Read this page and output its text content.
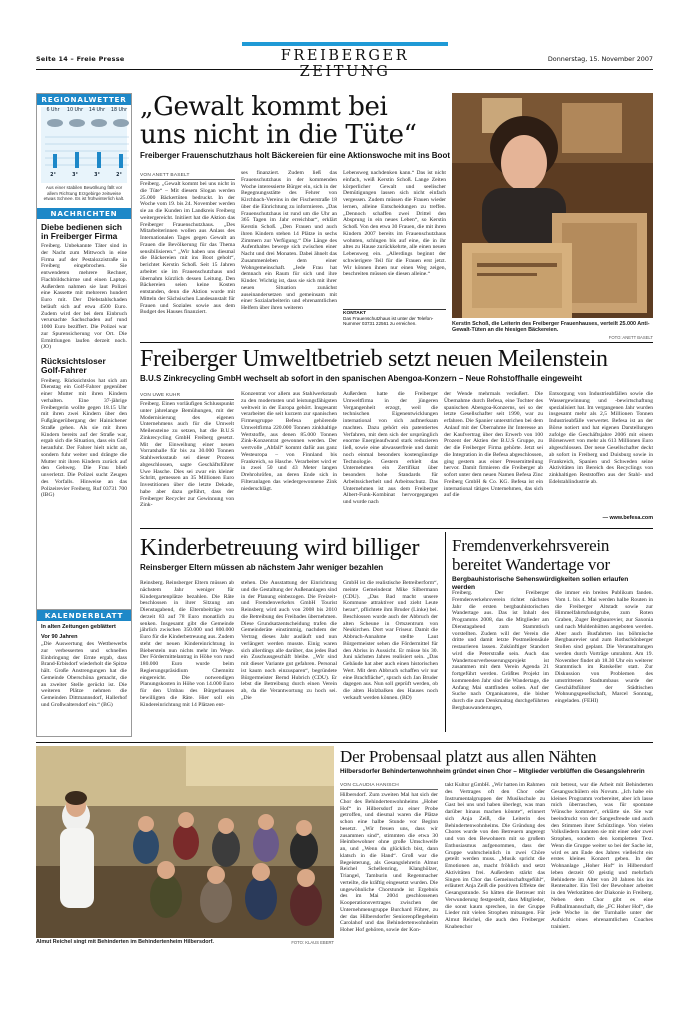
Seite 14 – Freie Presse	FREIBERGER ZEITUNG
Donnerstag, 15. November 2007
REGIONALWETTER
6 Uhr	10 Uhr	14 Uhr	18 Uhr
2°	3°	3°	2°
Aus einer stabilen Bewölkung fällt vor allem Richtung Erzgebirge zeitweise etwas Schnee. Es ist frühwinterlich kalt.
NACHRICHTEN
Diebe bedienen sich in Freiberger Firma
Freiberg. Unbekannte Täter sind in der Nacht zum Mittwoch in eine Firma auf der Pestalozzistraße in Freiberg eingebrochen. Sie entwendeten mehrere Rechner, Flachbildschirme und einen Laptop. Außerdem nahmen sie laut Polizei eine Kassette mit mehreren hundert Euro mit. Der Diebstahlschaden beläuft sich auf etwa 4500 Euro. Zudem wird der bei dem Einbruch verursachte Sachschaden auf rund 1000 Euro beziffert. Die Polizei war zur Spurensicherung vor Ort. Die Ermittlungen laufen derzeit noch. (JO)
Rücksichtsloser Golf-Fahrer
Freiberg. Rücksichtslos hat sich am Dienstag ein Golf-Fahrer gegenüber einer Mutter mit ihren Kindern verhalten. Eine 37-jährige Freibergerin wollte gegen 18.15 Uhr mit ihren zwei Kindern über den Fußgängerübergang der Hainichener Straße gehen. Als sie mit ihren Kindern bereits auf der Straße war, ergab sich die Situation, dass ein Golf heranfuhr. Der Fahrer hielt nicht an, sondern fuhr weiter und drängte die Mutter mit ihren Kindern zurück auf den Gehweg. Die Frau blieb unverletzt. Die Polizei sucht Zeugen des Vorfalls. Hinweise an das Polizeirevier Freiberg, Ruf 03731 700 (IBG)
KALENDERBLATT
In alten Zeitungen geblättert
Vor 90 Jahren
„Die Auswertung des Wettbewerbs zur verbesserten und schnellen Einbringung der Ernte ergab, dass Brand-Erbisdorf wiederholt die Spitze hält. Große Anstrengungen hat die Gemeinde Oberschöna gemacht, die an zweiter Stelle gerückt ist. Die weiteren Plätze nehmen die Gemeinden Dittmannsdorf, Hallerhof und Großwaltersdorf ein.“ (BG)
„Gewalt kommt bei
uns nicht in die Tüte“
Freiberger Frauenschutzhaus holt Bäckereien für eine Aktionswoche mit ins Boot
VON ANETT BASELT
Freiberg. „Gewalt kommt bei uns nicht in die Tüte“ – Mit diesem Slogan werden 25.000 Bäckertüten bedruckt. In der Woche vom 19. bis 24. November werden sie an die Kunden im Landkreis Freiberg weitergereicht. Initiiert hat die Aktion das Freiberger Frauenschutzhaus. „Des Mitarbeiterinnen wollen aus Anlass des Internationalen Tages gegen Gewalt an Frauen die Bevölkerung für das Thema sensibilisieren.“ „Wir haben uns diesmal die Bäckereien mit ins Boot geholt“, berichtet Kerstin Schoß. Seit 15 Jahren arbeitet sie im Frauenschutzhaus und übernahm kürzlich dessen Leitung. Den Bäckereien seien keine Kosten entstanden, denn die Aktion wurde mit Mitteln der Sächsischen Landesanstalt für Frauen und Soziales sowie aus dem Budget des Hauses finanziert.
ses finanziert. Zudem ließ das Frauenschutzhaus in der kommenden Woche interessierte Bürger ein, sich in der Begegnungsstätte des Fehrer von Kirchbach-Vereins in der Fischerstraße 18 über die Einrichtung zu informieren. „Das Frauenschutzhaus ist rund um die Uhr an 365 Tagen im Jahr erreichbar“, erklärt Kerstin Schoß. „Den Frauen und auch ihren Kindern stehen 14 Plätze in sechs Zimmern zur Verfügung.“ Die Länge des Aufenthaltes bewege sich zwischen einer Nacht und drei Monaten. Dabei ähnelt das Zusammenleben dem einer Wohngemeinschaft. „Jede Frau hat demnach ein Raum für sich und ihre Kinder. Wichtig ist, dass sie sich mit ihrer neuen Situation zunächst auseinandersetzen und gemeinsam mit einer Sozialarbeiterin und ehrenamtlichen Helfern über ihren weiteren
Lebensweg nachdenken kann.“ Das ist nicht einfach, weiß Kerstin Schoß. Lange Zeiten körperlicher Gewalt und seelischer Demütigungen lassen sich nicht einfach vergessen. Zudem müssen die Frauen wieder lernen, alleine Entscheidungen zu treffen. „Dennoch schaffen zwei Drittel den Absprung in ein neues Leben“, so Kerstin Schoß. Von den etwa 30 Frauen, die mit ihren Kindern 2007 bereits im Frauenschutzhaus wohnten, schlugen bis auf eine, die in ihr altes zu Hause zurückkehrte, alle einen neuen Lebensweg ein. „Allerdings beginnt der schwierigere Teil für die Frauen erst jetzt. Wir können ihnen nur einen Weg zeigen, beschreiten müssen sie diesen alleine.“
KONTAKT
Das Frauenschutzhaus ist unter der Telefon-Nummer 03731 22561 zu erreichen.	Kerstin Schoß, die Leiterin des Freiberger Frauenhauses, verteilt 25.000 Anti-Gewalt-Tüten an die hiesigen Bäckereien.
FOTO: ANETT BASELT
Freiberger Umweltbetrieb setzt neuen Meilenstein
B.U.S Zinkrecycling GmbH wechselt ab sofort in den spanischen Abengoa-Konzern – Neue Rohstoffhalle eingeweiht
VON UWE KUHR
Freiberg. Einen vorläufigen Schlusspunkt unter jahrelange Bemühungen, mit der Modernisierung des eigenen Unternehmens auch für die Umwelt Meilensteine zu setzen, hat die B.U.S Zinkrecycling GmbH Freiberg gesetzt. Mit der Einweihung einer neuen Vorratshalle für bis zu 30.000 Tonnen Stahlwerksstaub sei dieser Prozess abgeschlossen, sagte Geschäftsführer Uwe Hasche. Dies sei zwar ein kleiner Schritt, gemessen an 35 Millionen Euro Investitionen über die letzte Dekade, habe aber dazu geführt, dass der Freiberger Recycler zur Gewinnung von Zink-
Konzentrat vor allem aus Stahlwerkstaub zu den modernsten und leistungsfähigsten weltweit in der Europa gehört. Insgesamt verarbeitet die seit kurzem zur spanischen Firmengruppe Befesa gehörende Umweltfirma 220.000 Tonnen zinkhaltige Wertstoffe, aus denen 85.000 Tonnen Zink-Konzentrat gewonnen werden. Der wertvolle „Abfall“ kommt dafür aus ganz Westeuropa – von Finnland bis Frankreich, so Hasche. Verarbeitet wird er in zwei 50 und 43 Meter langen Drehrohröfen, an deren Ende sich in Filteranlagen das wiedergewonnene Zink niederschlägt.
Außerdem hatte die Freiberger Umweltfirma in der jüngeren Vergangenheit erzogt, weil die technischen Eigenentwicklungen international von sich aufmerksam machten. Dazu gehört ein patentiertes Verfahren, mit dem sich der ursprünglich enorme Energieaufwand stark reduzieren ließ, sowie eine abwasserfreie und damit noch einmal besonders kostengünstige Technologie. Gestern erhielt das Unternehmen ein Zertifikat über besonders hohe Standards für Arbeitssicherheit und Arbeitsschutz. Das Unternehmen ist aus dem Freiberger Albert-Funk-Kombinat hervorgegangen und wurde nach
der Wende mehrmals veräußert. Die Übernahme durch Befesa, eine Tochter des spanischen Abengoa-Konzerns, sei so der letzte Gesellschafter seit 1990, war zu erfahren. Die Spanier unterstrichen bei dem Anlauf mit der Übernahme ihr Interesse an der Kaufvertrag über den Erwerb von 100 Prozent der Aktien der B.U.S Gruppe, zu der die Freiberger Firma gehörte. Jetzt sei die Integration in die Befesa abgeschlossen, ging gestern aus einer Pressemitteilung hervor. Damit firmieren die Freiberger ab sofort unter dem neuen Namen Befesa Zinc Freiberg GmbH & Co. KG. Befesa ist ein international tätiges Unternehmen, das sich auf die
Entsorgung von Industrieabfällen sowie die Wassergewinnung und -bewirtschaftung spezialisiert hat. Im vergangenen Jahr wurden insgesamt mehr als 2,5 Millionen Tonnen Industrieabfälle verwertet. Befesa ist an der Börse notiert und hat eigenen Darstellungen zufolge die Geschäftsjahre 2006 mit einem Börsenwert von mehr als 613 Millionen Euro abgeschlossen. Der neue Gesellschafter deckt ab sofort in Freiberg und Duisburg sowie in Frankreich, Spanien und Schweden seine Aktivitäten im Bereich des Recyclings von zinkhaltigen Reststoffen aus der Stahl- und Edelstahlindustrie ab.
— www.befesa.com
Kinderbetreuung wird billiger
Reinsberger Eltern müssen ab nächstem Jahr weniger bezahlen
Reinsberg. Reinsberger Eltern müssen ab nächstem Jahr weniger für Kindergartenplätze bezahlen. Die Räte beschlossen in ihrer Sitzung am Dienstagabend, die Elternbeiträge von derzeit 83 auf 78 Euro monatlich zu senken. Insgesamt gibt die Gemeinde jährlich zwischen 350.000 und 800.000 Euro für die Kinderbetreuung aus. Zudem steht der neuen Kindereinrichtung in Bieberstein nun nichts mehr im Wege. Der Fördermittelantrag in Höhe von rund 180.000 Euro wurde beim Regierungspräsidium Chemnitz eingereicht. Die notwendigen Planungskosten in Höhe von 14.000 Euro für den Umbau des Bürgerhauses bewilligten die Räte. Hier soll ein Kindereinrichtung mit 14 Plätzen ent-
stehen. Die Ausstattung der Einrichtung und die Gestaltung der Außenanlagen sind in der Planung einbezogen. Die Freizeit- und Fremdenverkehrs GmbH Tourist Reinsberg wird auch von 2008 bis 2010 die Betreibung des Freibades übernehmen. Diese Grundsatzentscheidung trafen die Gemeinderäte einstimmig, nachdem der Vertrag dieses Jahr ausläuft und nun verlängert werden musste. Einig waren sich allerdings alle darüber, das jedes Bad ein Zuschussgeschäft bleibe. „Wir sind mit dieser Variante gut gefahren. Personal ist kaum noch einzusparen“, begründete Bürgermeister Bernd Hubrich (CDU). Er lebst die Betreibung durch einen Verein ab, da die Verantwortung zu hoch sei. „Die
GmbH ist die realistische Betreiberform“, meinte Gemeinderat Mike Silbermann (CDU). „Das Bad macht unsere Kommune attraktiver und zieht Leute heran“, pflichtete ihm Bruder (Linke) bei. Beschlossen wurde auch der Abbruch der alten Scheune in Ortszentrum von Neukirchen. Dort war Friseur. Damit die Abbruch-Annahme stellte Laut Bürgermeister sehen die Fördermittel für den Abriss in Aussicht. Er müsse bis 30. Juni nächsten Jahres realisiert sein. „Das Gebäude hat aber auch einen historischen Wert. Mit dem Abbruch schaffen wir nur eine Brachfläche“, sprach sich Jan Bruder dagegen aus. Nun soll geprüft werden, ob die alten Holzbalken des Hauses noch verkauft werden können. (BD)
Fremdenverkehrsverein
bereitet Wandertage vor
Bergbauhistorische Sehenswürdigkeiten sollen erlaufen werden
Freiberg. Der Freiberger Fremdenverkehrsverein richtet nächstes Jahr die ersten bergbauhistorischen Wandertage aus. Das ist Inhalt des Programms 2008, das die Mitglieder am Dienstagabend zum Stammtisch vorstellten. Zudem will der Verein die dritte und damit letzte Postmeilensäule restaurieren lassen. Zukünftiger Standort wird die Peterstraße sein. Auch das Wandertourverbesserungsprojekt ist zusammen mit dem Verein Agenda 21 fortgeführt werden. Größtes Projekt im kommenden Jahr sind die Wandertage, die Anfang Mai stattfinden sollen. Auf der Suche nach Organisatoren, die bisher durch die zum Denkmaltag durchgeführten Bergbauwanderungen,
die immer ein breites Publikum fanden. Vom 1. bis 4. Mai werden halbe Routen in die Freiberger Altstadt sowie zur Himmelfahrtsfundgrube, zum Roten Graben, Zuger Bergbaurevier, zur Saxonia und nach Muldenhütten angeboten werden. Aber auch Busfahrten ins böhmische Bergbaurevier und zum Rothschönberger Stollen sind geplant. Die Veranstaltungen werden durch Vorträge umrahmt. Am 19. November findet ab 18.30 Uhr ein weiterer Stammtisch im Ratskeller statt. Zur Diskussion von Problemen des umstrittenen Stadtumbaus wurde der Geschäftsführer der Städtischen Wohnungsgesellschaft, Marcel Sonntag, eingeladen. (FEHI)
Almut Reichel singt mit Behinderten im Behindertenheim Hilbersdorf.	FOTO: KLAUS EBERT
Der Probensaal platzt aus allen Nähten
Hilbersdorfer Behindertenwohnheim gründet einen Chor – Mitglieder verblüffen die Gesangslehrerin
VON CLAUDIA HANISCH
Hilbersdorf. Zum zweiten Mal hat sich der Chor des Behindertenwohnheims „Hoher Hof“ in Hilbersdorf zu einer Probe getroffen, und diesmal waren die Plätze schon eine halbe Stunde vor Beginn besetzt. „Wir freuen uns, dass wir zusammen sind“, stimmten die etwa 30 Heimbewohner ohne große Umschweife an, und „Wenn du glücklich bist, dann klatsch in die Hand“. Groß war die Begeisterung, als Gesangslehrerin Almut Reichel Schellenring, Klanghölzer, Triangel, Tamburin und Regenmacher verteilte, die kräftig eingesetzt wurden. Die ungewöhnliche Chorstunde ist Ergebnis des im Mai 2004 geschlossenen Kooperationsvertrages zwischen der Unternehmensgruppe Burchard Führer, zu der das Hilbersdorfer Seniorenpflegeheim Carolahof und das Behindertenwohnheim Hoher Hof gehören, sowie der Kon-
takt Kultur gGmbH. „Wir hatten im Rahmen des Vertrages oft den Chor oder Instrumentalgruppen der Musikschule zu Gast bei uns und haben überlegt, was man darüber hinaus machen könnte“, erinnert sich Anja Zeiß, die Leiterin des Behindertenwohnheims. Die Gründung des Chores wurde von den Betreuern angeregt und von den Bewohnern mit so großem Enthusiasmus aufgenommen, dass der Gruppe wahrscheinlich in zwei Chöre geteilt werden muss. „Musik spricht die Emotionen an, macht fröhlich und setzt Aktivitäten frei. Außerdem stärkt das Singen im Chor das Gemeinschaftsgefühl“, erläutert Anja Zeiß die positiven Effekte der Gesangsstunde. So hätten die Betreuer mit Verwunderung festgestellt, dass Mitglieder, die sonst kaum sprechen, in der Gruppe Lieder mit vielen Strophen mitsangen. Für Almut Reichel, die auch den Freiberger Knabenchor
mit betreut, war die Arbeit mit Behinderten Gesangsschülern ein Novum. „Ich habe ein kleines Programm vorbereitet, aber ich lasse mich überraschen, was für spontane Wünsche kommen“, erklärte sie. Sie war beeindruckt von der Sangesfreude und auch den Stimmen ihrer Schützlinge. Von vielen Volksliedern kannten sie mit einer oder zwei Strophen, sondern den kompletten Text. Wenn die Gruppe weiter so bei der Sache ist, wird es am Ende des Jahres vielleicht ein erstes kleines Konzert geben. In der Wohnanlage „Hoher Hof“ in Hilbersdorf leben derzeit 60 geistig und mehrfach Behinderte im Alter von 20 Jahren bis ins Rentenalter. Ein Teil der Bewohner arbeitet in den Werkstätten der Diakonie in Freiberg. Neben dem Chor gibt es eine Fußballmannschaft, die „FC Hoher Hof“, die jede Woche in der Turnhalle unter der Aufsicht eines ehrenamtlichen Coaches trainiert.
